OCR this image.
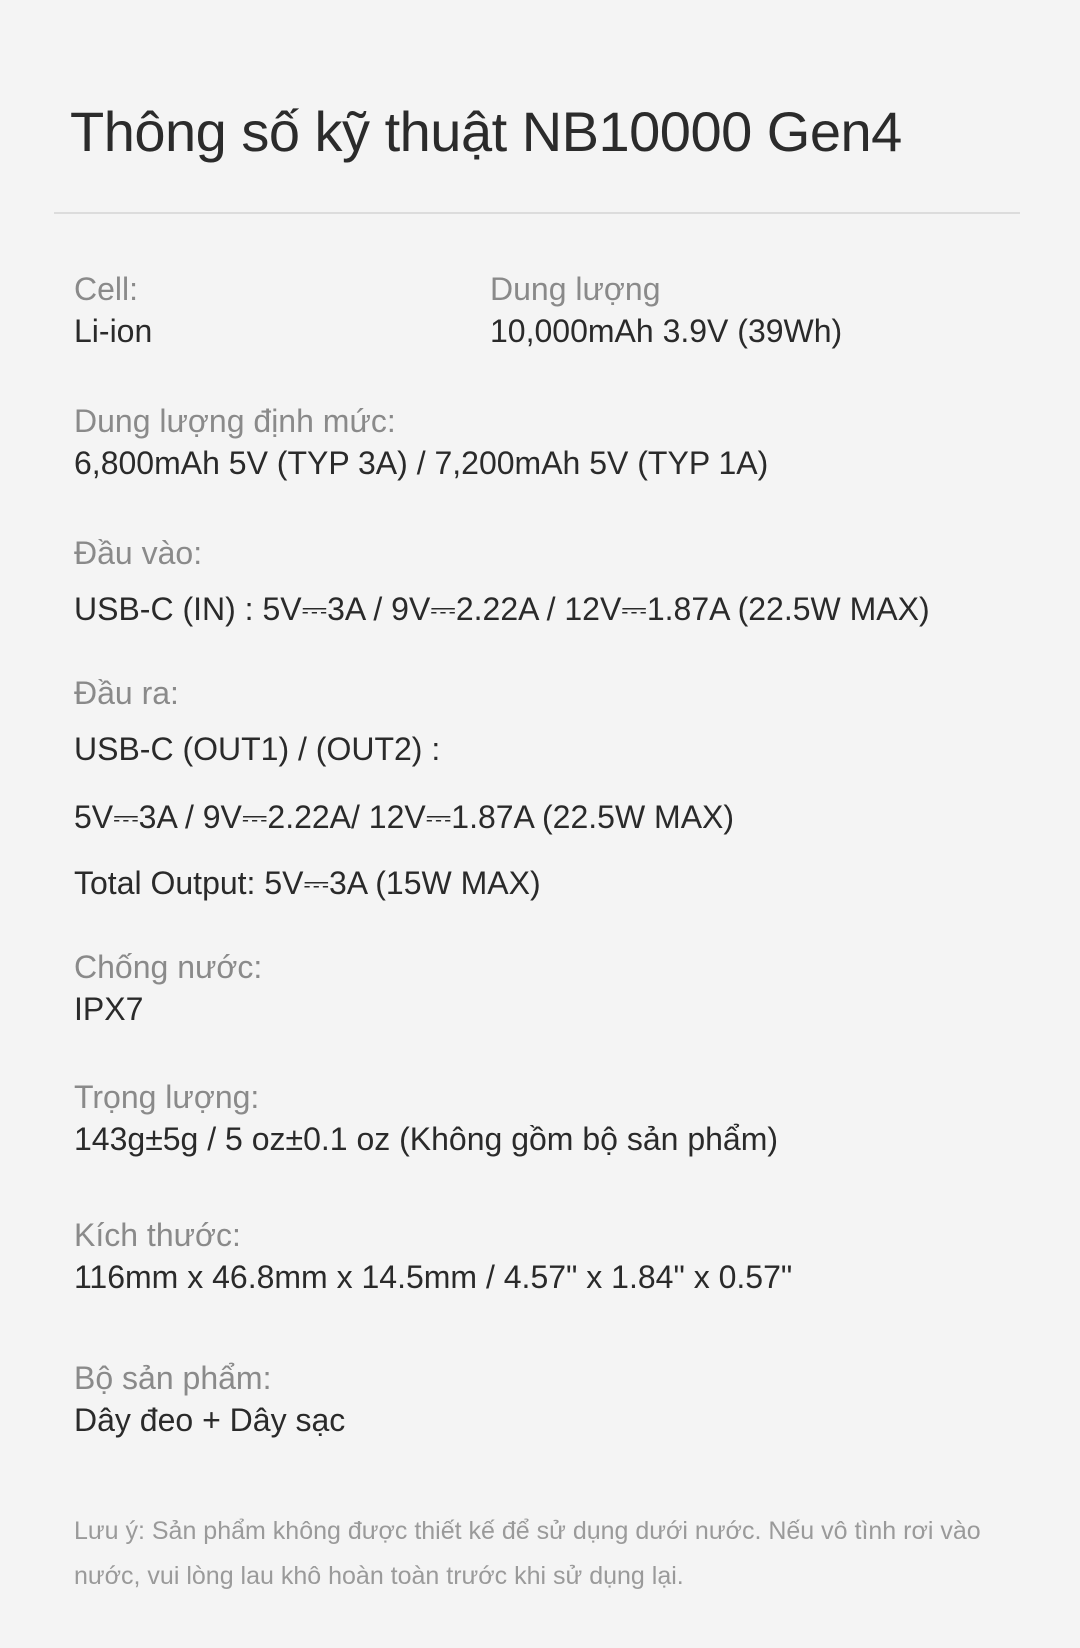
Thông số kỹ thuật NB10000 Gen4
Cell:
Li-ion
Dung lượng
10,000mAh 3.9V (39Wh)
Dung lượng định mức:
6,800mAh 5V (TYP 3A) / 7,200mAh 5V (TYP 1A)
Đầu vào:
USB-C (IN) : 5V⎓3A / 9V⎓2.22A / 12V⎓1.87A (22.5W MAX)
Đầu ra:
USB-C (OUT1) / (OUT2) :
5V⎓3A / 9V⎓2.22A/ 12V⎓1.87A (22.5W MAX)
Total Output: 5V⎓3A (15W MAX)
Chống nước:
IPX7
Trọng lượng:
143g±5g / 5 oz±0.1 oz (Không gồm bộ sản phẩm)
Kích thước:
116mm x 46.8mm x 14.5mm / 4.57" x 1.84" x 0.57"
Bộ sản phẩm:
Dây đeo + Dây sạc
Lưu ý: Sản phẩm không được thiết kế để sử dụng dưới nước. Nếu vô tình rơi vào nước, vui lòng lau khô hoàn toàn trước khi sử dụng lại.
